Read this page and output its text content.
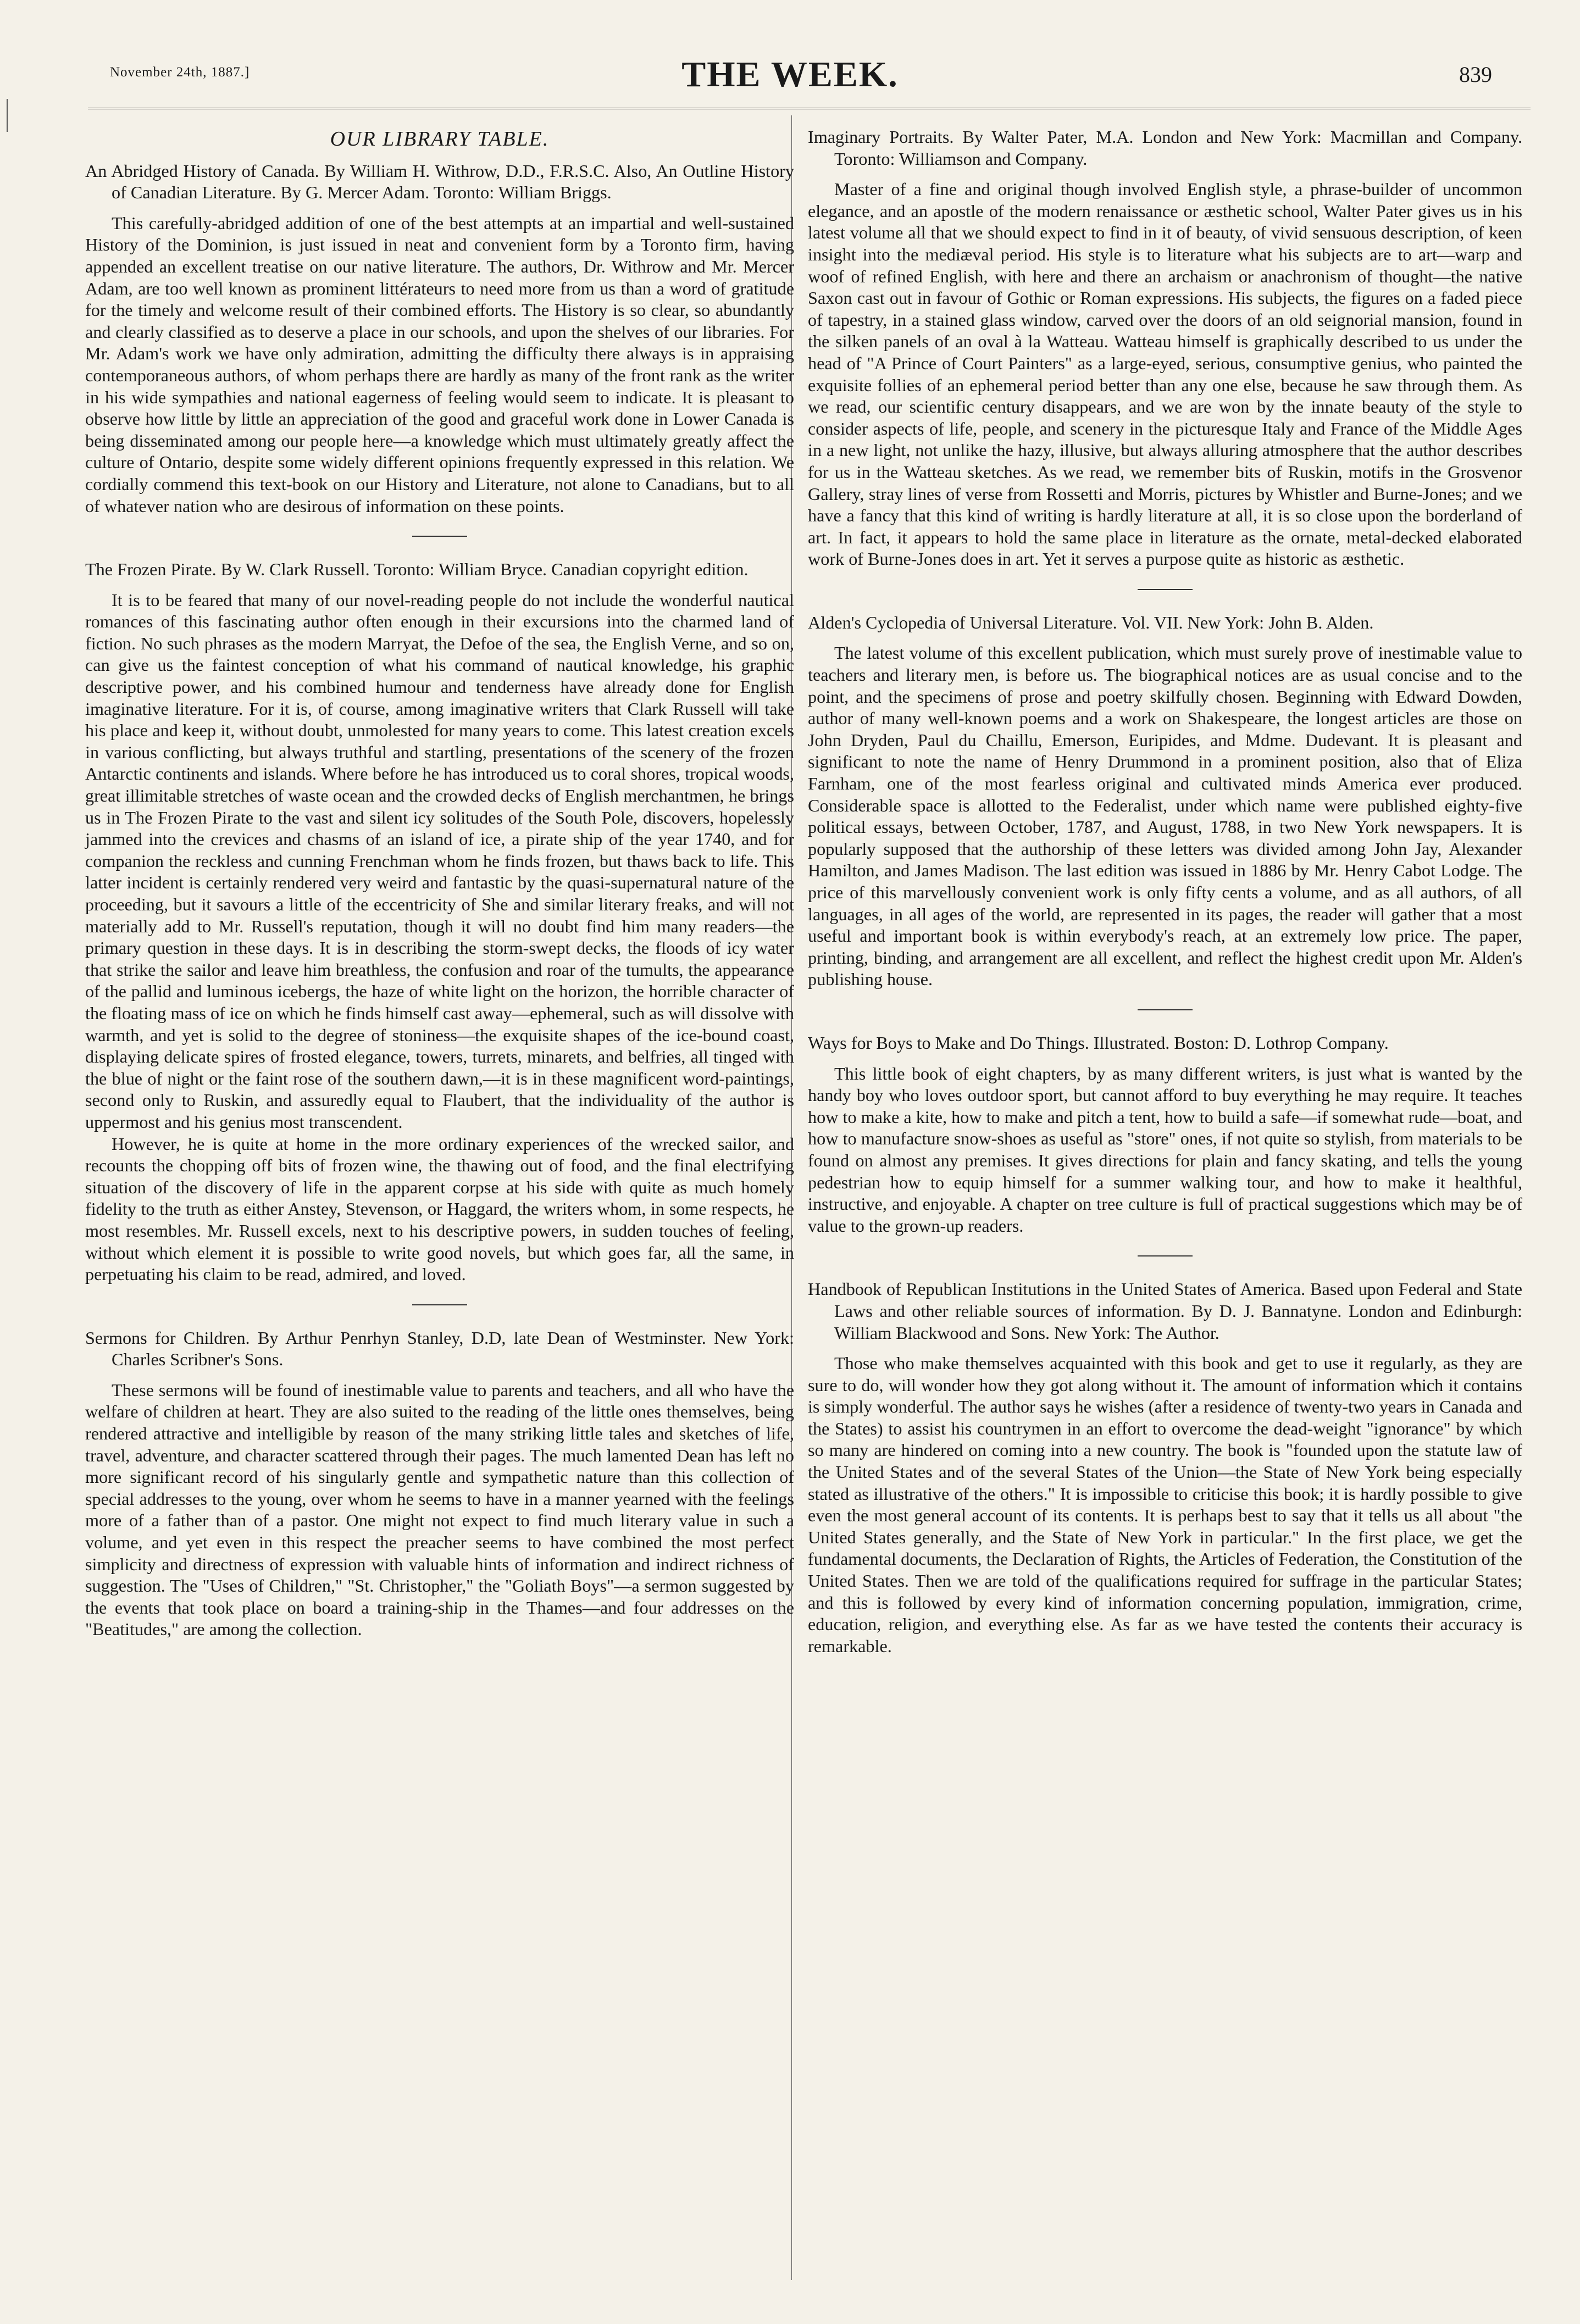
November 24th, 1887.]	THE WEEK.	839
OUR LIBRARY TABLE.

An Abridged History of Canada. By William H. Withrow, D.D., F.R.S.C. Also, An Outline History of Canadian Literature. By G. Mercer Adam. Toronto: William Briggs.

This carefully-abridged addition of one of the best attempts at an impartial and well-sustained History of the Dominion, is just issued in neat and convenient form by a Toronto firm, having appended an excellent treatise on our native literature. The authors, Dr. Withrow and Mr. Mercer Adam, are too well known as prominent littérateurs to need more from us than a word of gratitude for the timely and welcome result of their combined efforts. The History is so clear, so abundantly and clearly classified as to deserve a place in our schools, and upon the shelves of our libraries. For Mr. Adam's work we have only admiration, admitting the difficulty there always is in appraising contemporaneous authors, of whom perhaps there are hardly as many of the front rank as the writer in his wide sympathies and national eagerness of feeling would seem to indicate. It is pleasant to observe how little by little an appreciation of the good and graceful work done in Lower Canada is being disseminated among our people here—a knowledge which must ultimately greatly affect the culture of Ontario, despite some widely different opinions frequently expressed in this relation. We cordially commend this text-book on our History and Literature, not alone to Canadians, but to all of whatever nation who are desirous of information on these points.

The Frozen Pirate. By W. Clark Russell. Toronto: William Bryce. Canadian copyright edition.

It is to be feared that many of our novel-reading people do not include the wonderful nautical romances of this fascinating author often enough in their excursions into the charmed land of fiction. No such phrases as the modern Marryat, the Defoe of the sea, the English Verne, and so on, can give us the faintest conception of what his command of nautical knowledge, his graphic descriptive power, and his combined humour and tenderness have already done for English imaginative literature. For it is, of course, among imaginative writers that Clark Russell will take his place and keep it, without doubt, unmolested for many years to come. This latest creation excels in various conflicting, but always truthful and startling, presentations of the scenery of the frozen Antarctic continents and islands. Where before he has introduced us to coral shores, tropical woods, great illimitable stretches of waste ocean and the crowded decks of English merchantmen, he brings us in The Frozen Pirate to the vast and silent icy solitudes of the South Pole, discovers, hopelessly jammed into the crevices and chasms of an island of ice, a pirate ship of the year 1740, and for companion the reckless and cunning Frenchman whom he finds frozen, but thaws back to life. This latter incident is certainly rendered very weird and fantastic by the quasi-supernatural nature of the proceeding, but it savours a little of the eccentricity of She and similar literary freaks, and will not materially add to Mr. Russell's reputation, though it will no doubt find him many readers—the primary question in these days. It is in describing the storm-swept decks, the floods of icy water that strike the sailor and leave him breathless, the confusion and roar of the tumults, the appearance of the pallid and luminous icebergs, the haze of white light on the horizon, the horrible character of the floating mass of ice on which he finds himself cast away—ephemeral, such as will dissolve with warmth, and yet is solid to the degree of stoniness—the exquisite shapes of the ice-bound coast, displaying delicate spires of frosted elegance, towers, turrets, minarets, and belfries, all tinged with the blue of night or the faint rose of the southern dawn,—it is in these magnificent word-paintings, second only to Ruskin, and assuredly equal to Flaubert, that the individuality of the author is uppermost and his genius most transcendent.

However, he is quite at home in the more ordinary experiences of the wrecked sailor, and recounts the chopping off bits of frozen wine, the thawing out of food, and the final electrifying situation of the discovery of life in the apparent corpse at his side with quite as much homely fidelity to the truth as either Anstey, Stevenson, or Haggard, the writers whom, in some respects, he most resembles. Mr. Russell excels, next to his descriptive powers, in sudden touches of feeling, without which element it is possible to write good novels, but which goes far, all the same, in perpetuating his claim to be read, admired, and loved.

Sermons for Children. By Arthur Penrhyn Stanley, D.D, late Dean of Westminster. New York: Charles Scribner's Sons.

These sermons will be found of inestimable value to parents and teachers, and all who have the welfare of children at heart. They are also suited to the reading of the little ones themselves, being rendered attractive and intelligible by reason of the many striking little tales and sketches of life, travel, adventure, and character scattered through their pages. The much lamented Dean has left no more significant record of his singularly gentle and sympathetic nature than this collection of special addresses to the young, over whom he seems to have in a manner yearned with the feelings more of a father than of a pastor. One might not expect to find much literary value in such a volume, and yet even in this respect the preacher seems to have combined the most perfect simplicity and directness of expression with valuable hints of information and indirect richness of suggestion. The "Uses of Children," "St. Christopher," the "Goliath Boys"—a sermon suggested by the events that took place on board a training-ship in the Thames—and four addresses on the "Beatitudes," are among the collection.

Imaginary Portraits. By Walter Pater, M.A. London and New York: Macmillan and Company. Toronto: Williamson and Company.

Master of a fine and original though involved English style, a phrase-builder of uncommon elegance, and an apostle of the modern renaissance or æsthetic school, Walter Pater gives us in his latest volume all that we should expect to find in it of beauty, of vivid sensuous description, of keen insight into the mediæval period. His style is to literature what his subjects are to art—warp and woof of refined English, with here and there an archaism or anachronism of thought—the native Saxon cast out in favour of Gothic or Roman expressions. His subjects, the figures on a faded piece of tapestry, in a stained glass window, carved over the doors of an old seignorial mansion, found in the silken panels of an oval à la Watteau. Watteau himself is graphically described to us under the head of "A Prince of Court Painters" as a large-eyed, serious, consumptive genius, who painted the exquisite follies of an ephemeral period better than any one else, because he saw through them. As we read, our scientific century disappears, and we are won by the innate beauty of the style to consider aspects of life, people, and scenery in the picturesque Italy and France of the Middle Ages in a new light, not unlike the hazy, illusive, but always alluring atmosphere that the author describes for us in the Watteau sketches. As we read, we remember bits of Ruskin, motifs in the Grosvenor Gallery, stray lines of verse from Rossetti and Morris, pictures by Whistler and Burne-Jones; and we have a fancy that this kind of writing is hardly literature at all, it is so close upon the borderland of art. In fact, it appears to hold the same place in literature as the ornate, metal-decked elaborated work of Burne-Jones does in art. Yet it serves a purpose quite as historic as æsthetic.

Alden's Cyclopedia of Universal Literature. Vol. VII. New York: John B. Alden.

The latest volume of this excellent publication, which must surely prove of inestimable value to teachers and literary men, is before us. The biographical notices are as usual concise and to the point, and the specimens of prose and poetry skilfully chosen. Beginning with Edward Dowden, author of many well-known poems and a work on Shakespeare, the longest articles are those on John Dryden, Paul du Chaillu, Emerson, Euripides, and Mdme. Dudevant. It is pleasant and significant to note the name of Henry Drummond in a prominent position, also that of Eliza Farnham, one of the most fearless original and cultivated minds America ever produced. Considerable space is allotted to the Federalist, under which name were published eighty-five political essays, between October, 1787, and August, 1788, in two New York newspapers. It is popularly supposed that the authorship of these letters was divided among John Jay, Alexander Hamilton, and James Madison. The last edition was issued in 1886 by Mr. Henry Cabot Lodge. The price of this marvellously convenient work is only fifty cents a volume, and as all authors, of all languages, in all ages of the world, are represented in its pages, the reader will gather that a most useful and important book is within everybody's reach, at an extremely low price. The paper, printing, binding, and arrangement are all excellent, and reflect the highest credit upon Mr. Alden's publishing house.

Ways for Boys to Make and Do Things. Illustrated. Boston: D. Lothrop Company.

This little book of eight chapters, by as many different writers, is just what is wanted by the handy boy who loves outdoor sport, but cannot afford to buy everything he may require. It teaches how to make a kite, how to make and pitch a tent, how to build a safe—if somewhat rude—boat, and how to manufacture snow-shoes as useful as "store" ones, if not quite so stylish, from materials to be found on almost any premises. It gives directions for plain and fancy skating, and tells the young pedestrian how to equip himself for a summer walking tour, and how to make it healthful, instructive, and enjoyable. A chapter on tree culture is full of practical suggestions which may be of value to the grown-up readers.

Handbook of Republican Institutions in the United States of America. Based upon Federal and State Laws and other reliable sources of information. By D. J. Bannatyne. London and Edinburgh: William Blackwood and Sons. New York: The Author.

Those who make themselves acquainted with this book and get to use it regularly, as they are sure to do, will wonder how they got along without it. The amount of information which it contains is simply wonderful. The author says he wishes (after a residence of twenty-two years in Canada and the States) to assist his countrymen in an effort to overcome the dead-weight "ignorance" by which so many are hindered on coming into a new country. The book is "founded upon the statute law of the United States and of the several States of the Union—the State of New York being especially stated as illustrative of the others." It is impossible to criticise this book; it is hardly possible to give even the most general account of its contents. It is perhaps best to say that it tells us all about "the United States generally, and the State of New York in particular." In the first place, we get the fundamental documents, the Declaration of Rights, the Articles of Federation, the Constitution of the United States. Then we are told of the qualifications required for suffrage in the particular States; and this is followed by every kind of information concerning population, immigration, crime, education, religion, and everything else. As far as we have tested the contents their accuracy is remarkable.
